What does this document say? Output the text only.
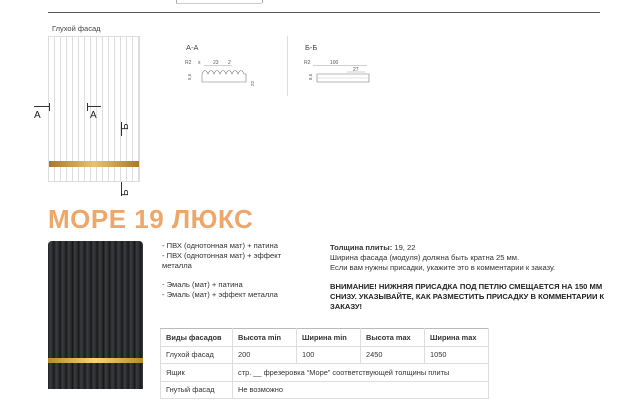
Глухой фасад
А	А
Б
Б
А-А
R2 x	23 2
5,5
22
Б-Б
R2	100
27
8,5
МОРЕ 19 ЛЮКС
- ПВХ (однотонная мат) + патина
- ПВХ (однотонная мат) + эффект металла
- Эмаль (мат) + патина
- Эмаль (мат) + эффект металла
Толщина плиты: 19, 22
Ширина фасада (модуля) должна быть кратна 25 мм.
Если вам нужны присадки, укажите это в комментарии к заказу.
ВНИМАНИЕ! НИЖНЯЯ ПРИСАДКА ПОД ПЕТЛЮ СМЕЩАЕТСЯ НА 150 ММ СНИЗУ. УКАЗЫВАЙТЕ, КАК РАЗМЕСТИТЬ ПРИСАДКУ В КОММЕНТАРИИ К ЗАКАЗУ!
Виды фасадов	Высота min	Ширина min	Высота max	Ширина max
Глухой фасад	200	100	2450	1050
Ящик	стр. __ фрезеровка “Море” соответствующей толщины плиты			
Гнутый фасад	Не возможно			
